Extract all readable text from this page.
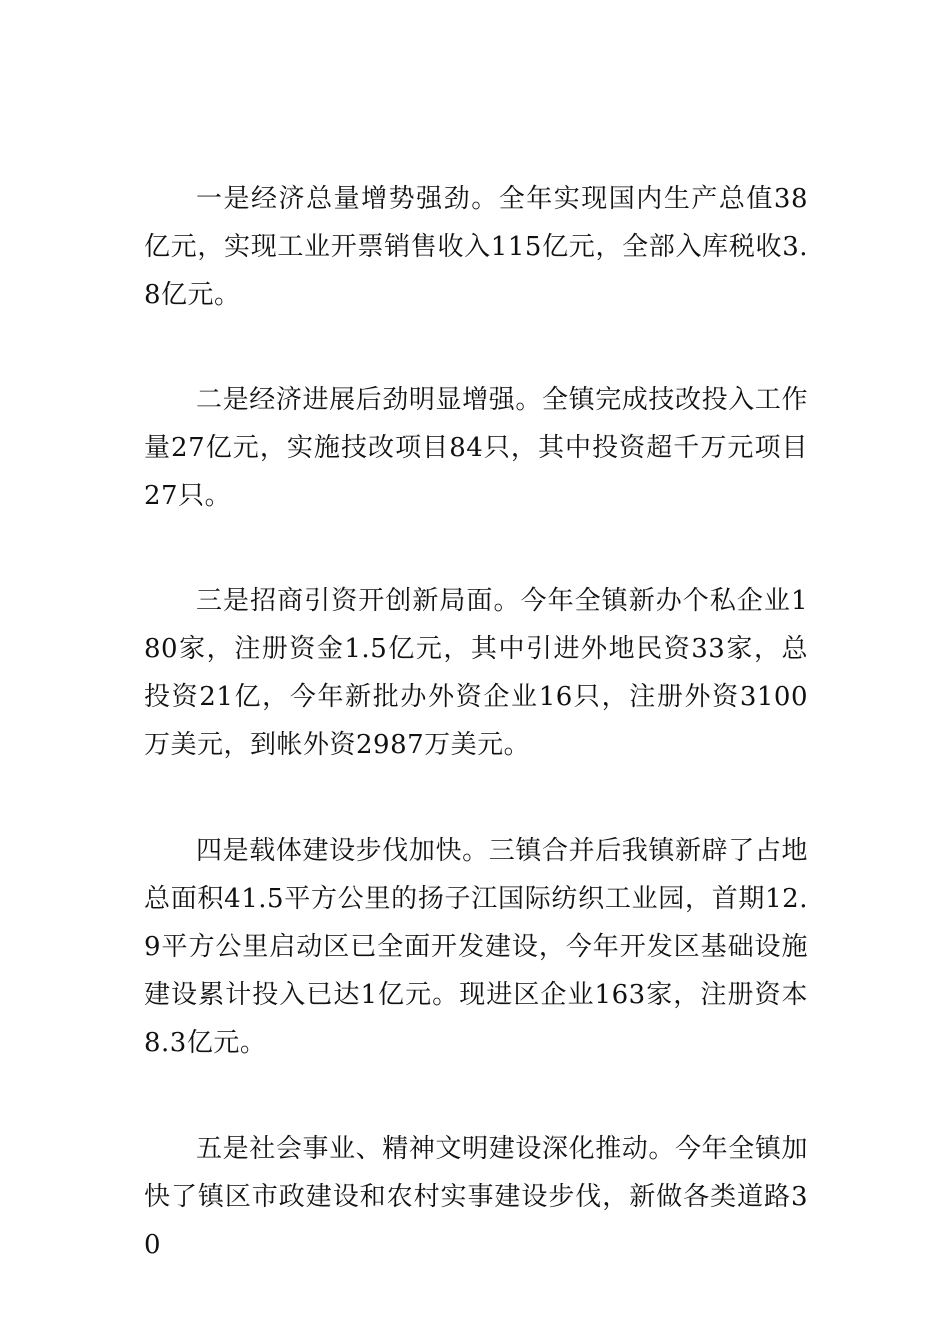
一是经济总量增势强劲。全年实现国内生产总值38亿元，实现工业开票销售收入115亿元，全部入库税收3.8亿元。

二是经济进展后劲明显增强。全镇完成技改投入工作量27亿元，实施技改项目84只，其中投资超千万元项目27只。

三是招商引资开创新局面。今年全镇新办个私企业180家，注册资金1.5亿元，其中引进外地民资33家，总投资21亿，今年新批办外资企业16只，注册外资3100万美元，到帐外资2987万美元。

四是载体建设步伐加快。三镇合并后我镇新辟了占地总面积41.5平方公里的扬子江国际纺织工业园，首期12.9平方公里启动区已全面开发建设，今年开发区基础设施建设累计投入已达1亿元。现进区企业163家，注册资本8.3亿元。

五是社会事业、精神文明建设深化推动。今年全镇加快了镇区市政建设和农村实事建设步伐，新做各类道路30
